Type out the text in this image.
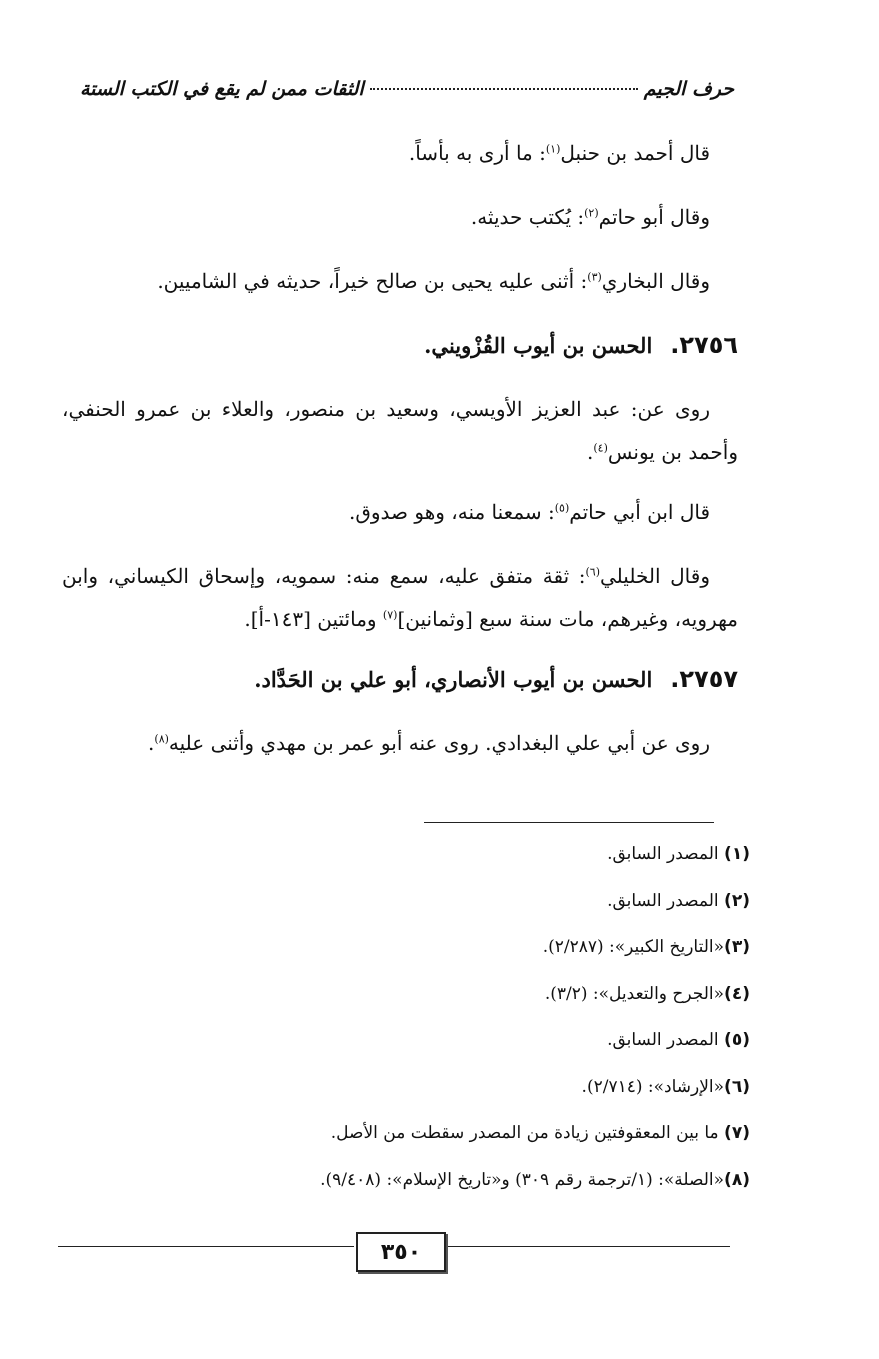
حرف الجيم
الثقات ممن لم يقع في الكتب الستة

قال أحمد بن حنبل$^{(١)}$: ما أرى به بأساً.

وقال أبو حاتم$^{(٢)}$: يُكتب حديثه.

وقال البخاري$^{(٣)}$: أثنى عليه يحيى بن صالح خيراً، حديثه في الشاميين.

٢٧٥٦.الحسن بن أيوب القُزْويني.

روى عن: عبد العزيز الأويسي، وسعيد بن منصور، والعلاء بن عمرو الحنفي، وأحمد بن يونس$^{(٤)}$.

قال ابن أبي حاتم$^{(٥)}$: سمعنا منه، وهو صدوق.

وقال الخليلي$^{(٦)}$: ثقة متفق عليه، سمع منه: سمويه، وإسحاق الكيساني، وابن مهرويه، وغيرهم، مات سنة سبع [وثمانين]$^{(٧)}$ ومائتين [١٤٣-أ].

٢٧٥٧.الحسن بن أيوب الأنصاري، أبو علي بن الحَدَّاد.

روى عن أبي علي البغدادي. روى عنه أبو عمر بن مهدي وأثنى عليه$^{(٨)}$.

(١) المصدر السابق.
(٢) المصدر السابق.
(٣)«التاريخ الكبير»: (٢/٢٨٧).
(٤)«الجرح والتعديل»: (٣/٢).
(٥) المصدر السابق.
(٦)«الإرشاد»: (٢/٧١٤).
(٧) ما بين المعقوفتين زيادة من المصدر سقطت من الأصل.
(٨)«الصلة»: (١/ترجمة رقم ٣٠٩) و«تاريخ الإسلام»: (٩/٤٠٨).
٣٥٠
